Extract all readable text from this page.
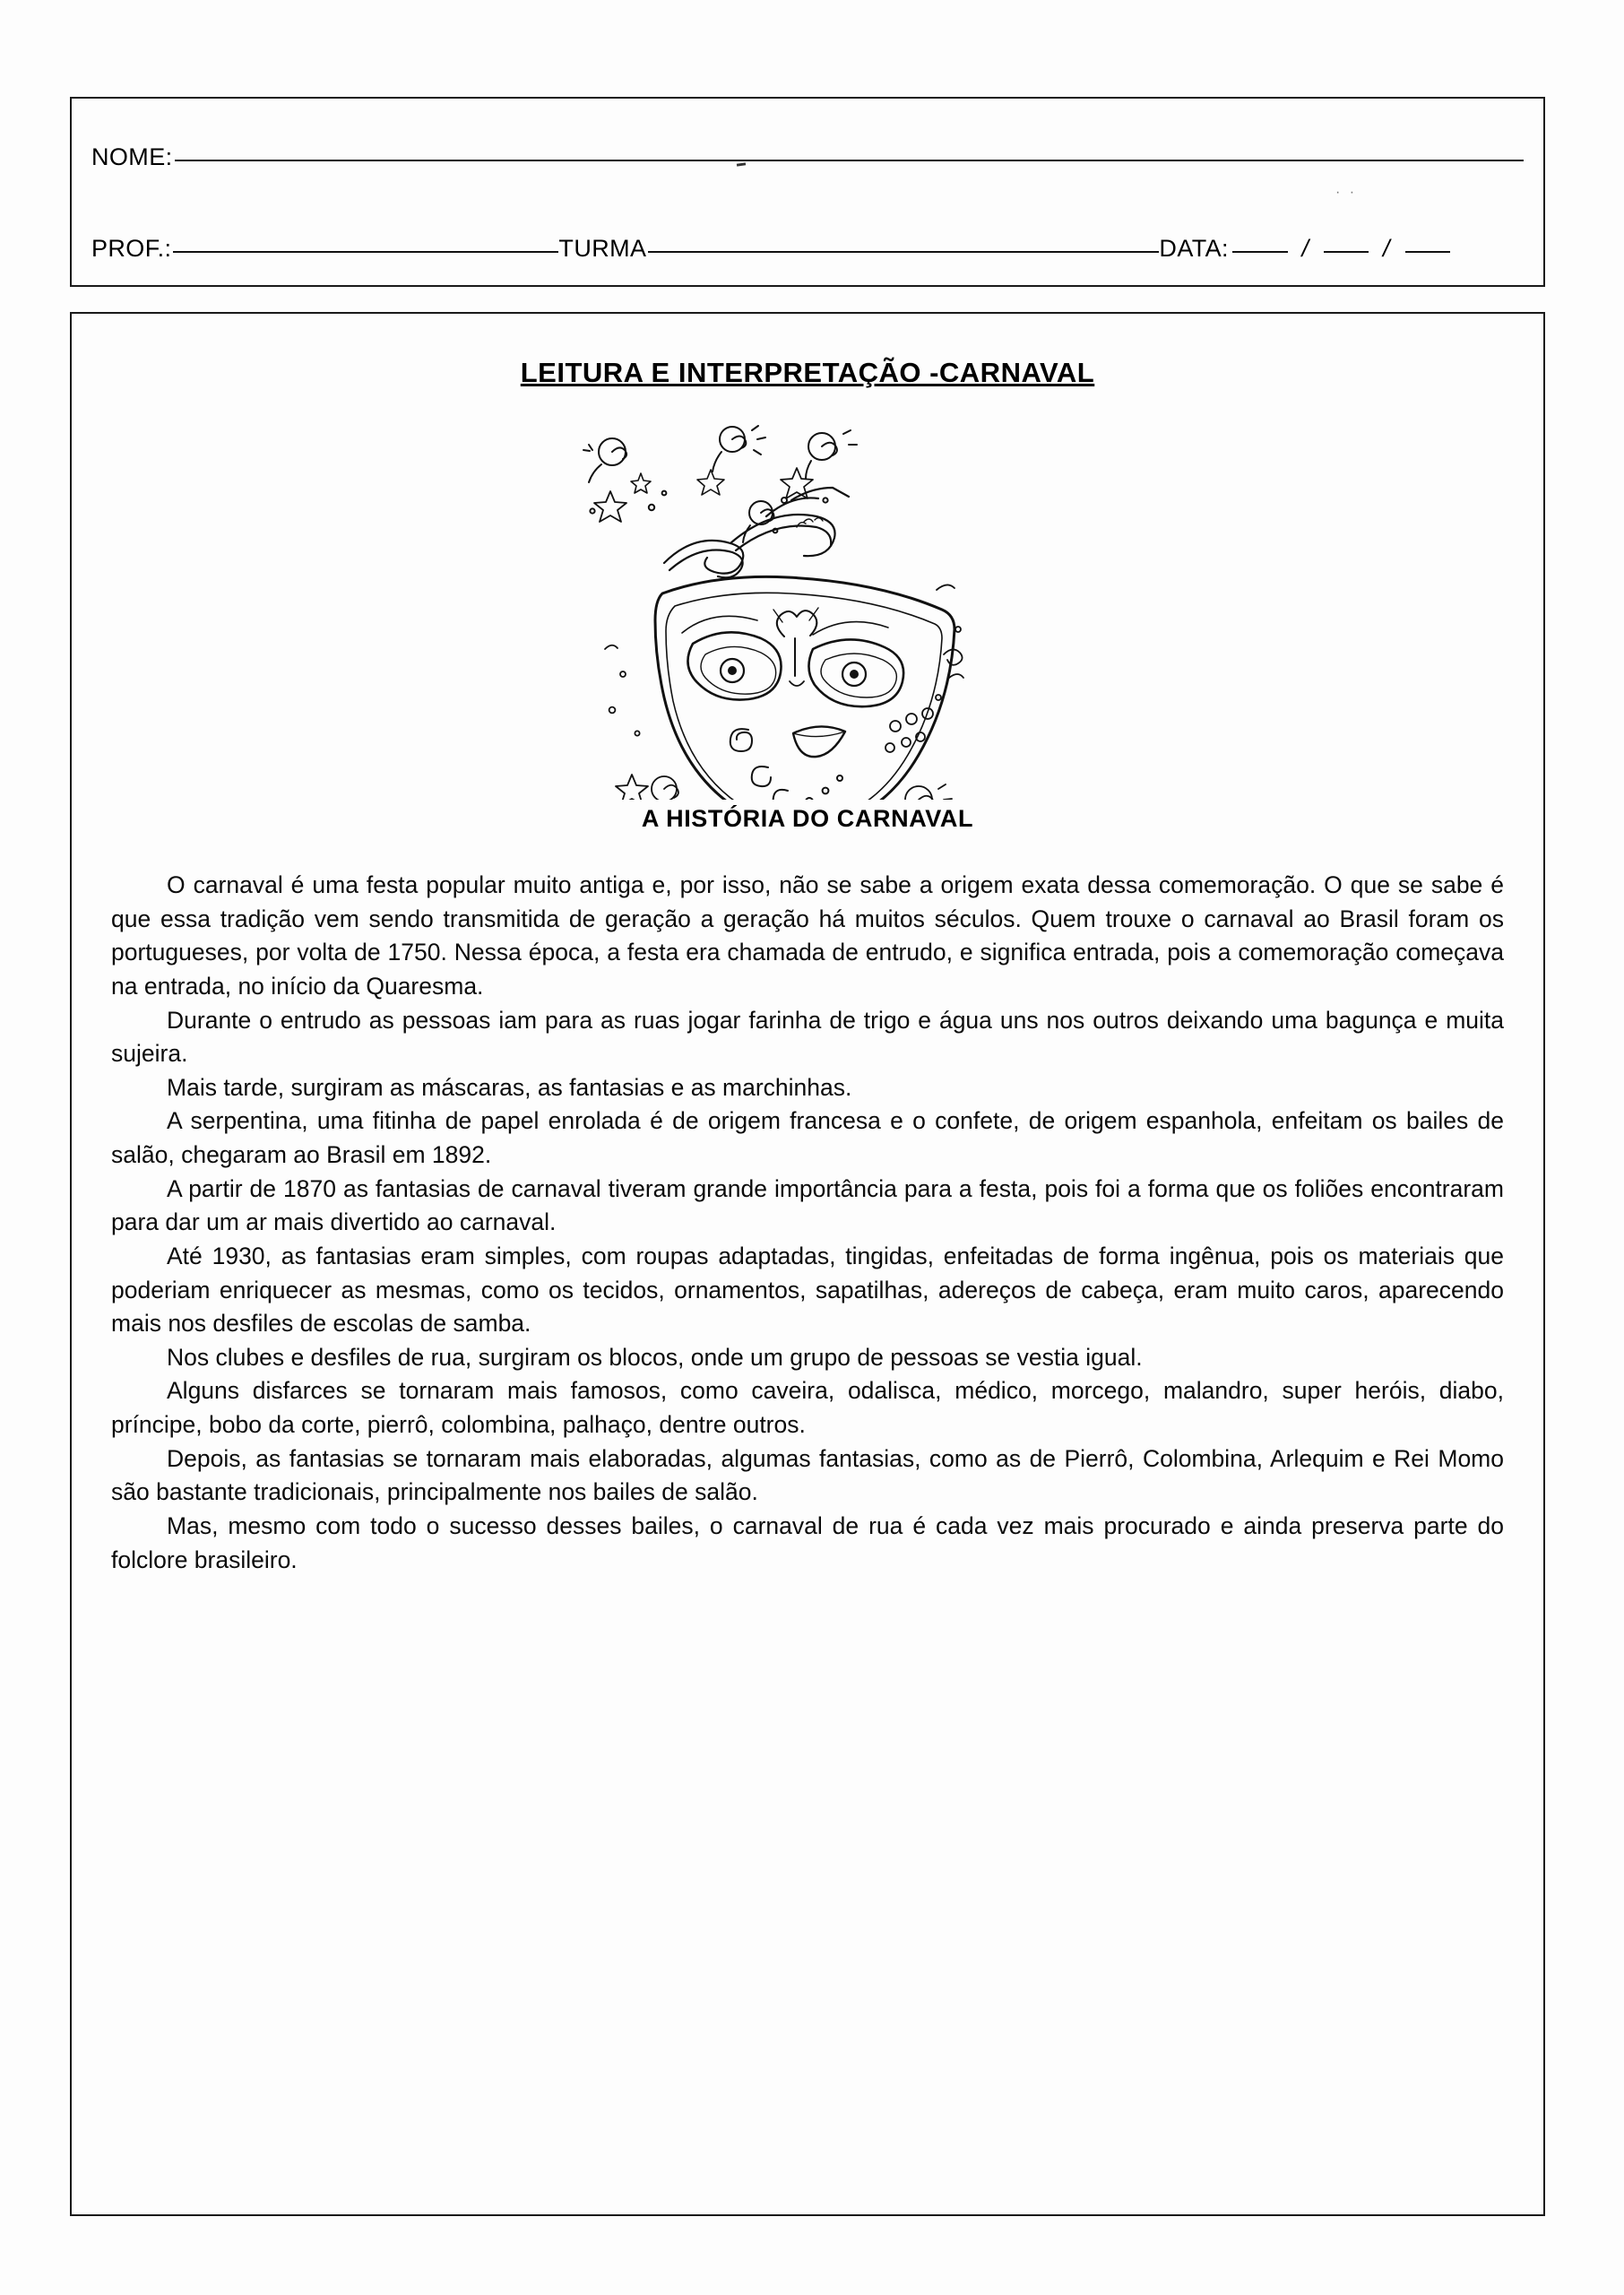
NOME:
PROF.:	TURMA	DATA:	/	/
· ·
LEITURA E INTERPRETAÇÃO -CARNAVAL
A HISTÓRIA DO CARNAVAL

O carnaval é uma festa popular muito antiga e, por isso, não se sabe a origem exata dessa comemoração. O que se sabe é que essa tradição vem sendo transmitida de geração a geração há muitos séculos. Quem trouxe o carnaval ao Brasil foram os portugueses, por volta de 1750. Nessa época, a festa era chamada de entrudo, e significa entrada, pois a comemoração começava na entrada, no início da Quaresma.

Durante o entrudo as pessoas iam para as ruas jogar farinha de trigo e água uns nos outros deixando uma bagunça e muita sujeira.

Mais tarde, surgiram as máscaras, as fantasias e as marchinhas.

A serpentina, uma fitinha de papel enrolada é de origem francesa e o confete, de origem espanhola, enfeitam os bailes de salão, chegaram ao Brasil em 1892.

A partir de 1870 as fantasias de carnaval tiveram grande importância para a festa, pois foi a forma que os foliões encontraram para dar um ar mais divertido ao carnaval.

Até 1930, as fantasias eram simples, com roupas adaptadas, tingidas, enfeitadas de forma ingênua, pois os materiais que poderiam enriquecer as mesmas, como os tecidos, ornamentos, sapatilhas, adereços de cabeça, eram muito caros, aparecendo mais nos desfiles de escolas de samba.

Nos clubes e desfiles de rua, surgiram os blocos, onde um grupo de pessoas se vestia igual.

Alguns disfarces se tornaram mais famosos, como caveira, odalisca, médico, morcego, malandro, super heróis, diabo, príncipe, bobo da corte, pierrô, colombina, palhaço, dentre outros.

Depois, as fantasias se tornaram mais elaboradas, algumas fantasias, como as de Pierrô, Colombina, Arlequim e Rei Momo são bastante tradicionais, principalmente nos bailes de salão.

Mas, mesmo com todo o sucesso desses bailes, o carnaval de rua é cada vez mais procurado e ainda preserva parte do folclore brasileiro.
